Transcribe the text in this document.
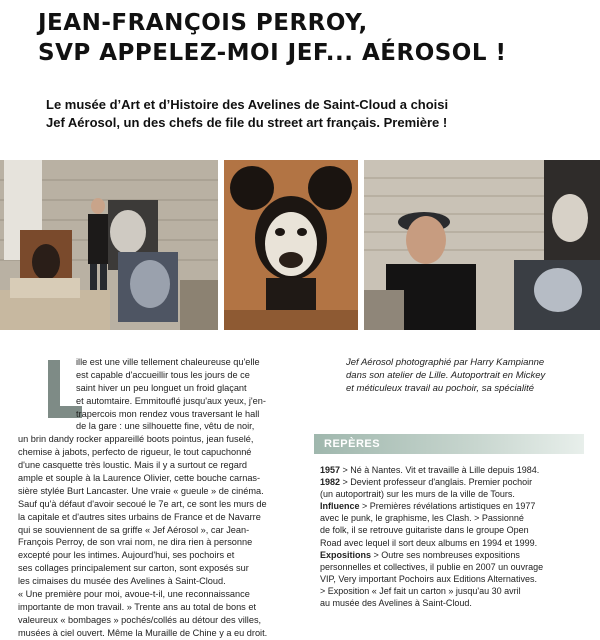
JEAN-FRANÇOIS PERROY,
SVP APPELEZ-MOI JEF... AÉROSOL !
Le musée d’Art et d’Histoire des Avelines de Saint-Cloud a choisi
Jef Aérosol, un des chefs de file du street art français. Première !
ille est une ville tellement chaleureuse qu'elle
est capable d'accueillir tous les jours de ce
saint hiver un peu longuet un froid glaçant
et automtaire. Emmitouflé jusqu'aux yeux, j'en-
trapercois mon rendez vous traversant le hall
de la gare : une silhouette fine, vêtu de noir,
un brin dandy rocker appareillé boots pointus, jean fuselé,
chemise à jabots, perfecto de rigueur, le tout capuchonné
d'une casquette très loustic. Mais il y a surtout ce regard
ample et souple à la Laurence Olivier, cette bouche carnas-
sière stylée Burt Lancaster. Une vraie « gueule » de cinéma.
Sauf qu'à défaut d'avoir secoué le 7e art, ce sont les murs de
la capitale et d'autres sites urbains de France et de Navarre
qui se souviennent de sa griffe « Jef Aérosol », car Jean-
François Perroy, de son vrai nom, ne dira rien à personne
excepté pour les intimes. Aujourd'hui, ses pochoirs et
ses collages principalement sur carton, sont exposés sur
les cimaises du musée des Avelines à Saint-Cloud.
« Une première pour moi, avoue-t-il, une reconnaissance
importante de mon travail. » Trente ans au total de bons et
valeureux « bombages » pochés/collés au détour des villes,
musées à ciel ouvert. Même la Muraille de Chine y a eu droit.
Jef Aérosol photographié par Harry Kampianne
dans son atelier de Lille. Autoportrait en Mickey
et méticuleux travail au pochoir, sa spécialité
REPÈRES
1957 > Né à Nantes. Vit et travaille à Lille depuis 1984.
1982 > Devient professeur d'anglais. Premier pochoir
(un autoportrait) sur les murs de la ville de Tours.
Influence > Premières révélations artistiques en 1977
avec le punk, le graphisme, les Clash. > Passionné
de folk, il se retrouve guitariste dans le groupe Open
Road avec lequel il sort deux albums en 1994 et 1999.
Expositions > Outre ses nombreuses expositions
personnelles et collectives, il publie en 2007 un ouvrage
VIP, Very important Pochoirs aux Editions Alternatives.
> Exposition « Jef fait un carton » jusqu'au 30 avril
au musée des Avelines à Saint-Cloud.
